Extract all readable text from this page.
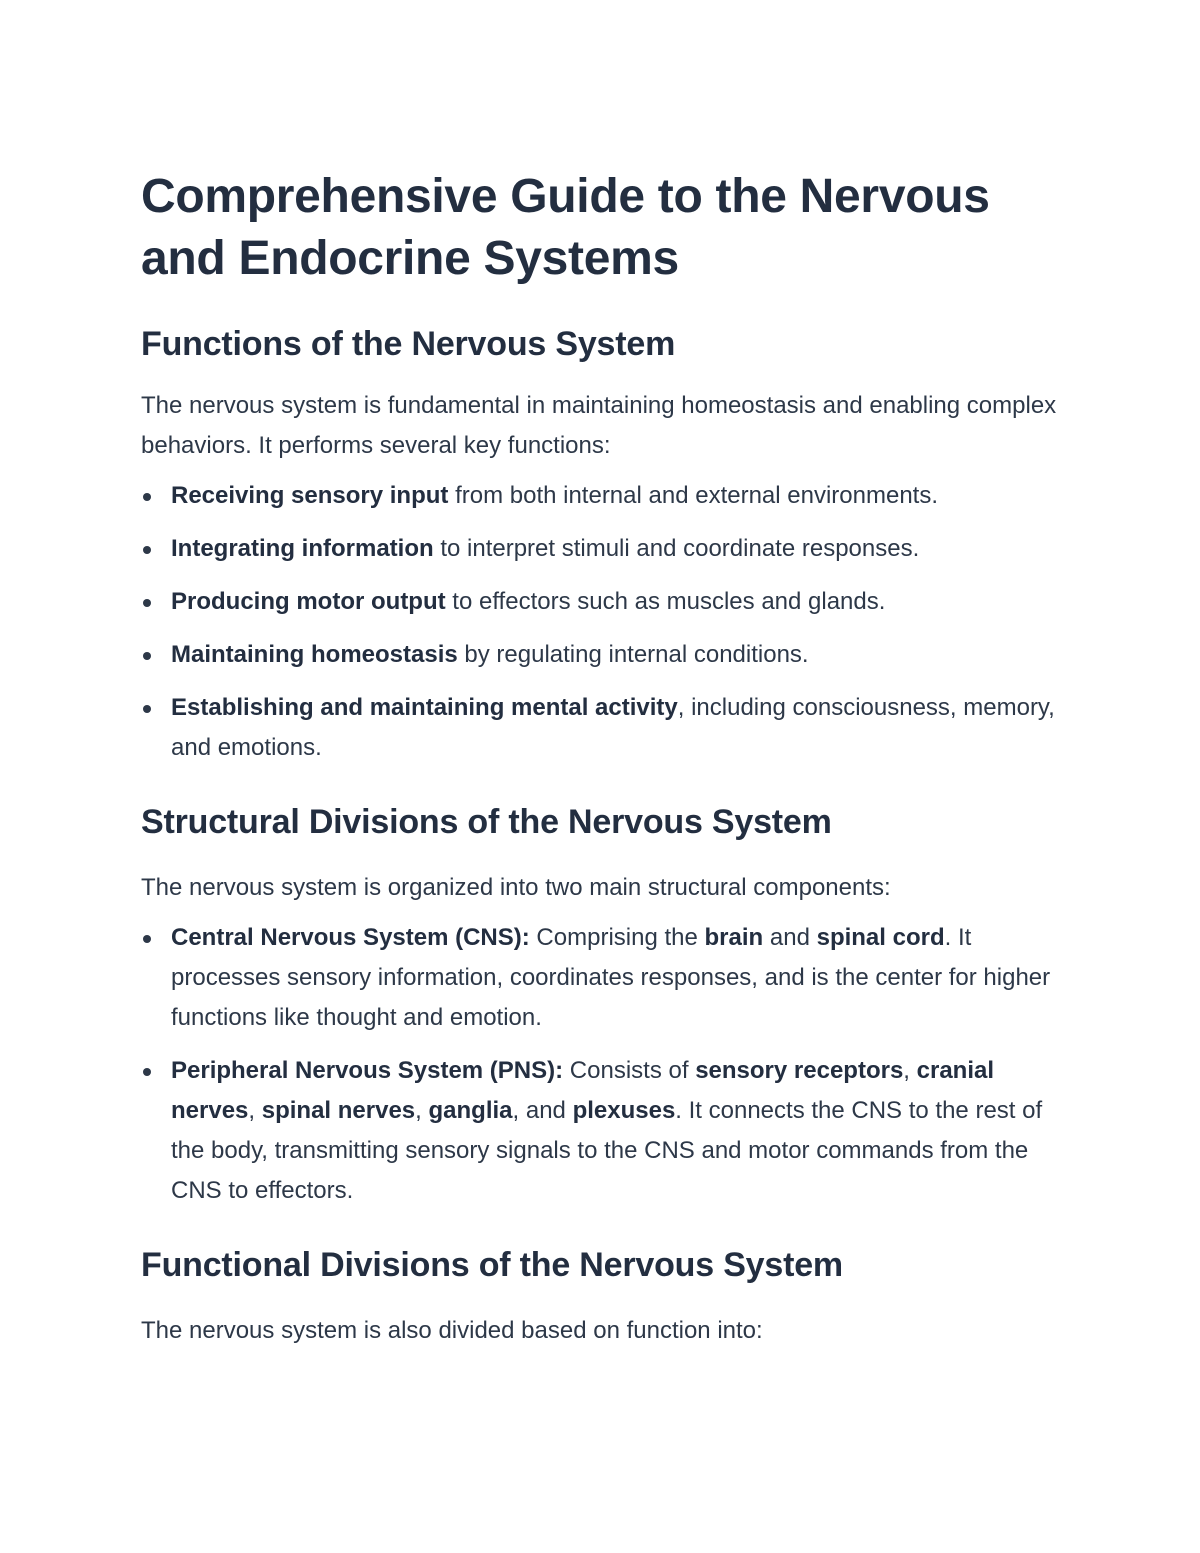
Comprehensive Guide to the Nervous and Endocrine Systems
Functions of the Nervous System

The nervous system is fundamental in maintaining homeostasis and enabling complex behaviors. It performs several key functions:

Receiving sensory input from both internal and external environments.
Integrating information to interpret stimuli and coordinate responses.
Producing motor output to effectors such as muscles and glands.
Maintaining homeostasis by regulating internal conditions.
Establishing and maintaining mental activity, including consciousness, memory, and emotions.
Structural Divisions of the Nervous System

The nervous system is organized into two main structural components:

Central Nervous System (CNS): Comprising the brain and spinal cord. It processes sensory information, coordinates responses, and is the center for higher functions like thought and emotion.
Peripheral Nervous System (PNS): Consists of sensory receptors, cranial nerves, spinal nerves, ganglia, and plexuses. It connects the CNS to the rest of the body, transmitting sensory signals to the CNS and motor commands from the CNS to effectors.
Functional Divisions of the Nervous System

The nervous system is also divided based on function into:
